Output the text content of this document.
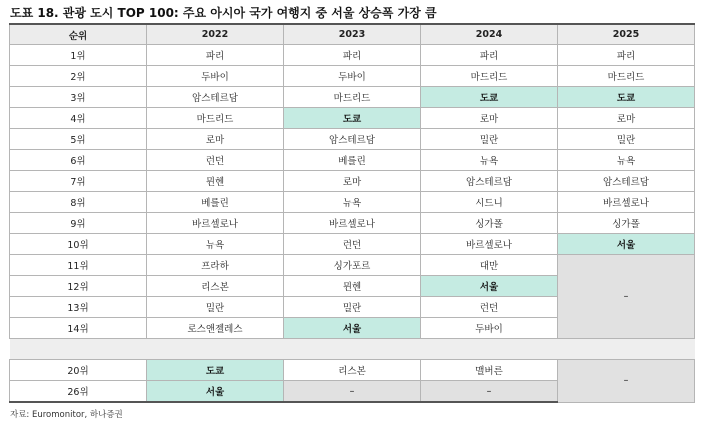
도표 18. 관광 도시 TOP 100: 주요 아시아 국가 여행지 중 서울 상승폭 가장 큼
순위	2022	2023	2024	2025
1위	파리	파리	파리	파리
2위	두바이	두바이	마드리드	마드리드
3위	암스테르담	마드리드	도쿄	도쿄
4위	마드리드	도쿄	로마	로마
5위	로마	암스테르담	밀란	밀란
6위	런던	베를린	뉴욕	뉴욕
7위	뮌헨	로마	암스테르담	암스테르담
8위	베를린	뉴욕	시드니	바르셀로나
9위	바르셀로나	바르셀로나	싱가폴	싱가폴
10위	뉴욕	런던	바르셀로나	서울
11위	프라하	싱가포르	대만	–
12위	리스본	뮌헨	서울	
13위	밀란	밀란	런던	
14위	로스앤젤레스	서울	두바이	

20위	도쿄	리스본	맬버른	–
26위	서울	–	–	
자료: Euromonitor, 하나증권
